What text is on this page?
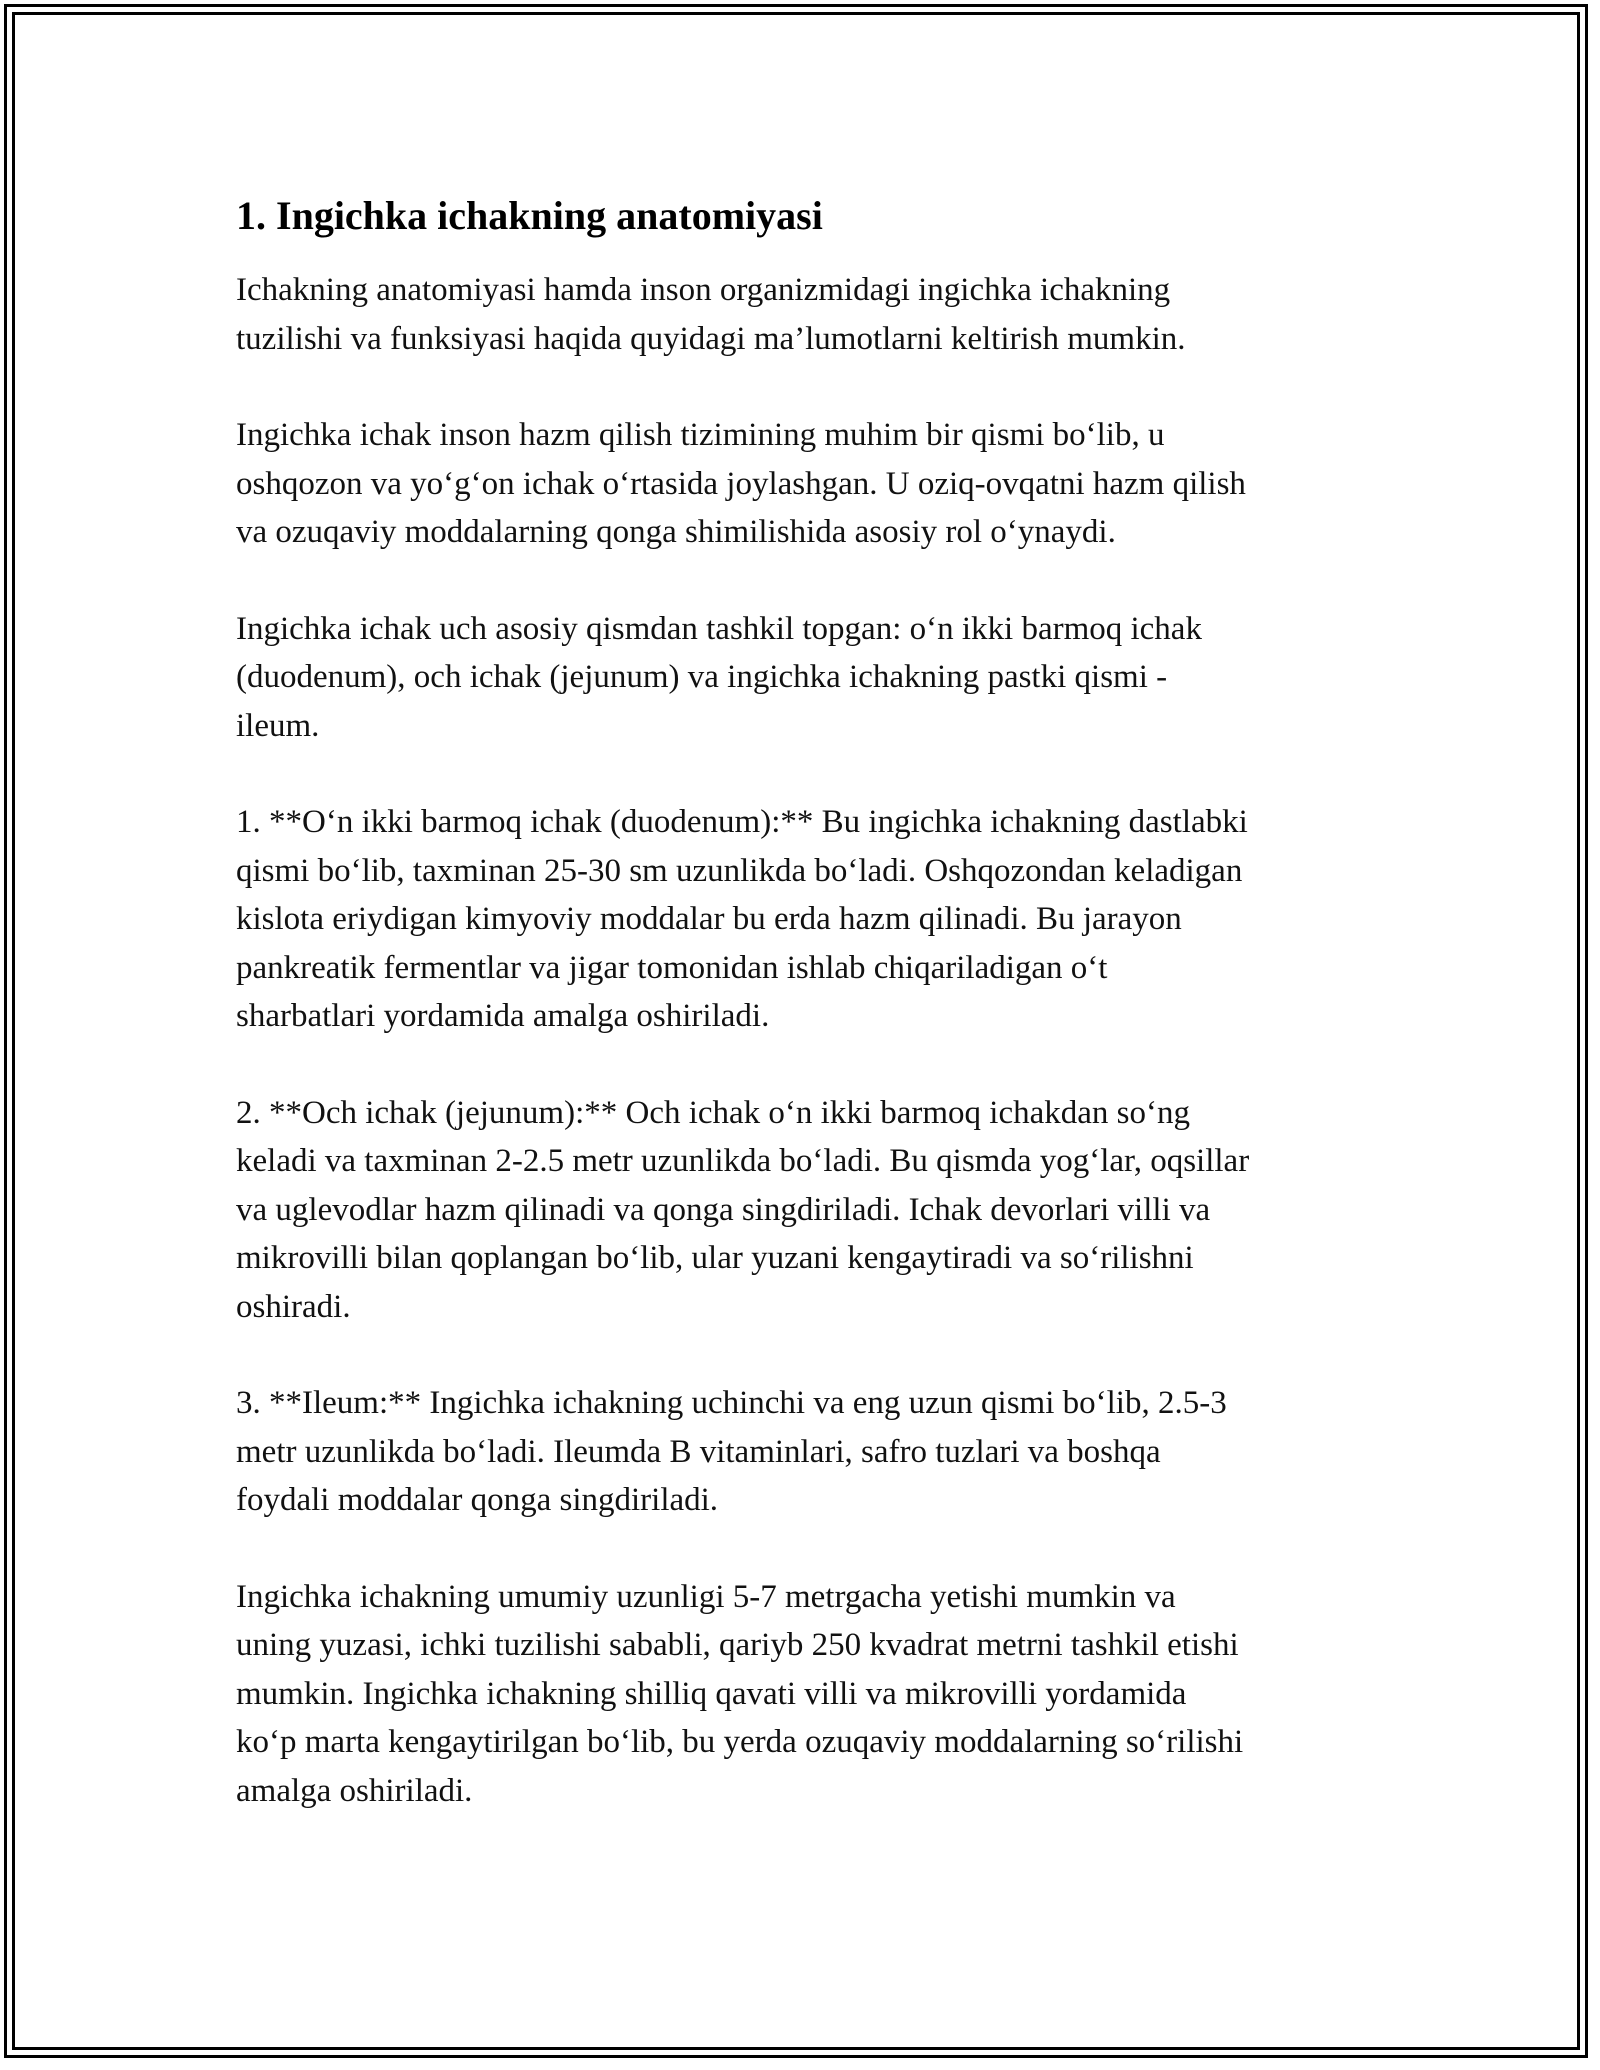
1. Ingichka ichakning anatomiyasi

Ichakning anatomiyasi hamda inson organizmidagi ingichka ichakning
tuzilishi va funksiyasi haqida quyidagi ma’lumotlarni keltirish mumkin.

Ingichka ichak inson hazm qilish tizimining muhim bir qismi bo‘lib, u
oshqozon va yo‘g‘on ichak o‘rtasida joylashgan. U oziq-ovqatni hazm qilish
va ozuqaviy moddalarning qonga shimilishida asosiy rol o‘ynaydi.

Ingichka ichak uch asosiy qismdan tashkil topgan: o‘n ikki barmoq ichak
(duodenum), och ichak (jejunum) va ingichka ichakning pastki qismi -
ileum.

1. **O‘n ikki barmoq ichak (duodenum):** Bu ingichka ichakning dastlabki
qismi bo‘lib, taxminan 25-30 sm uzunlikda bo‘ladi. Oshqozondan keladigan
kislota eriydigan kimyoviy moddalar bu erda hazm qilinadi. Bu jarayon
pankreatik fermentlar va jigar tomonidan ishlab chiqariladigan o‘t
sharbatlari yordamida amalga oshiriladi.

2. **Och ichak (jejunum):** Och ichak o‘n ikki barmoq ichakdan so‘ng
keladi va taxminan 2-2.5 metr uzunlikda bo‘ladi. Bu qismda yog‘lar, oqsillar
va uglevodlar hazm qilinadi va qonga singdiriladi. Ichak devorlari villi va
mikrovilli bilan qoplangan bo‘lib, ular yuzani kengaytiradi va so‘rilishni
oshiradi.

3. **Ileum:** Ingichka ichakning uchinchi va eng uzun qismi bo‘lib, 2.5-3
metr uzunlikda bo‘ladi. Ileumda B vitaminlari, safro tuzlari va boshqa
foydali moddalar qonga singdiriladi.

Ingichka ichakning umumiy uzunligi 5-7 metrgacha yetishi mumkin va
uning yuzasi, ichki tuzilishi sababli, qariyb 250 kvadrat metrni tashkil etishi
mumkin. Ingichka ichakning shilliq qavati villi va mikrovilli yordamida
ko‘p marta kengaytirilgan bo‘lib, bu yerda ozuqaviy moddalarning so‘rilishi
amalga oshiriladi.
